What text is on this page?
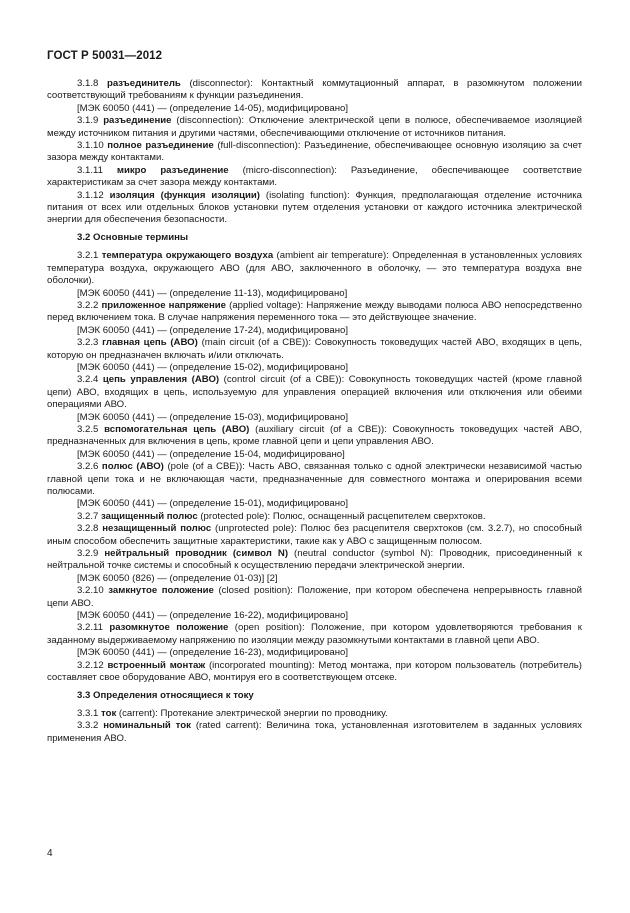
ГОСТ Р 50031—2012

3.1.8 разъединитель (disconnector): Контактный коммутационный аппарат, в разомкнутом положении соответствующий требованиям к функции разъединения.

[МЭК 60050 (441) — (определение 14-05), модифицировано]

3.1.9 разъединение (disconnection): Отключение электрической цепи в полюсе, обеспечиваемое изоляцией между источником питания и другими частями, обеспечивающими отключение от источников питания.

3.1.10 полное разъединение (full-disconnection): Разъединение, обеспечивающее основную изоляцию за счет зазора между контактами.

3.1.11 микро разъединение (micro-disconnection): Разъединение, обеспечивающее соответствие характеристикам за счет зазора между контактами.

3.1.12 изоляция (функция изоляции) (isolating function): Функция, предполагающая отделение источника питания от всех или отдельных блоков установки путем отделения установки от каждого источника электрической энергии для обеспечения безопасности.

3.2 Основные термины

3.2.1 температура окружающего воздуха (ambient air temperature): Определенная в установленных условиях температура воздуха, окружающего АВО (для АВО, заключенного в оболочку, — это температура воздуха вне оболочки).

[МЭК 60050 (441) — (определение 11-13), модифицировано]

3.2.2 приложенное напряжение (applied voltage): Напряжение между выводами полюса АВО непосредственно перед включением тока. В случае напряжения переменного тока — это действующее значение.

[МЭК 60050 (441) — (определение 17-24), модифицировано]

3.2.3 главная цепь (АВО) (main circuit (of a CBE)): Совокупность токоведущих частей АВО, входящих в цепь, которую он предназначен включать и/или отключать.

[МЭК 60050 (441) — (определение 15-02), модифицировано]

3.2.4 цепь управления (АВО) (control circuit (of a CBE)): Совокупность токоведущих частей (кроме главной цепи) АВО, входящих в цепь, используемую для управления операцией включения или отключения или обеими операциями АВО.

[МЭК 60050 (441) — (определение 15-03), модифицировано]

3.2.5 вспомогательная цепь (АВО) (auxiliary circuit (of a CBE)): Совокупность токоведущих частей АВО, предназначенных для включения в цепь, кроме главной цепи и цепи управления АВО.

[МЭК 60050 (441) — (определение 15-04, модифицировано]

3.2.6 полюс (АВО) (pole (of a CBE)): Часть АВО, связанная только с одной электрически независимой частью главной цепи тока и не включающая части, предназначенные для совместного монтажа и оперирования всеми полюсами.

[МЭК 60050 (441) — (определение 15-01), модифицировано]

3.2.7 защищенный полюс (protected pole): Полюс, оснащенный расцепителем сверхтоков.

3.2.8 незащищенный полюс (unprotected pole): Полюс без расцепителя сверхтоков (см. 3.2.7), но способный иным способом обеспечить защитные характеристики, такие как у АВО с защищенным полюсом.

3.2.9 нейтральный проводник (символ N) (neutral conductor (symbol N): Проводник, присоединенный к нейтральной точке системы и способный к осуществлению передачи электрической энергии.

[МЭК 60050 (826) — (определение 01-03)] [2]

3.2.10 замкнутое положение (closed position): Положение, при котором обеспечена непрерывность главной цепи АВО.

[МЭК 60050 (441) — (определение 16-22), модифицировано]

3.2.11 разомкнутое положение (open position): Положение, при котором удовлетворяются требования к заданному выдерживаемому напряжению по изоляции между разомкнутыми контактами в главной цепи АВО.

[МЭК 60050 (441) — (определение 16-23), модифицировано]

3.2.12 встроенный монтаж (incorporated mounting): Метод монтажа, при котором пользователь (потребитель) составляет свое оборудование АВО, монтируя его в соответствующем отсеке.

3.3 Определения относящиеся к току

3.3.1 ток (carrent): Протекание электрической энергии по проводнику.

3.3.2 номинальный ток (rated carrent): Величина тока, установленная изготовителем в заданных условиях применения АВО.

4
